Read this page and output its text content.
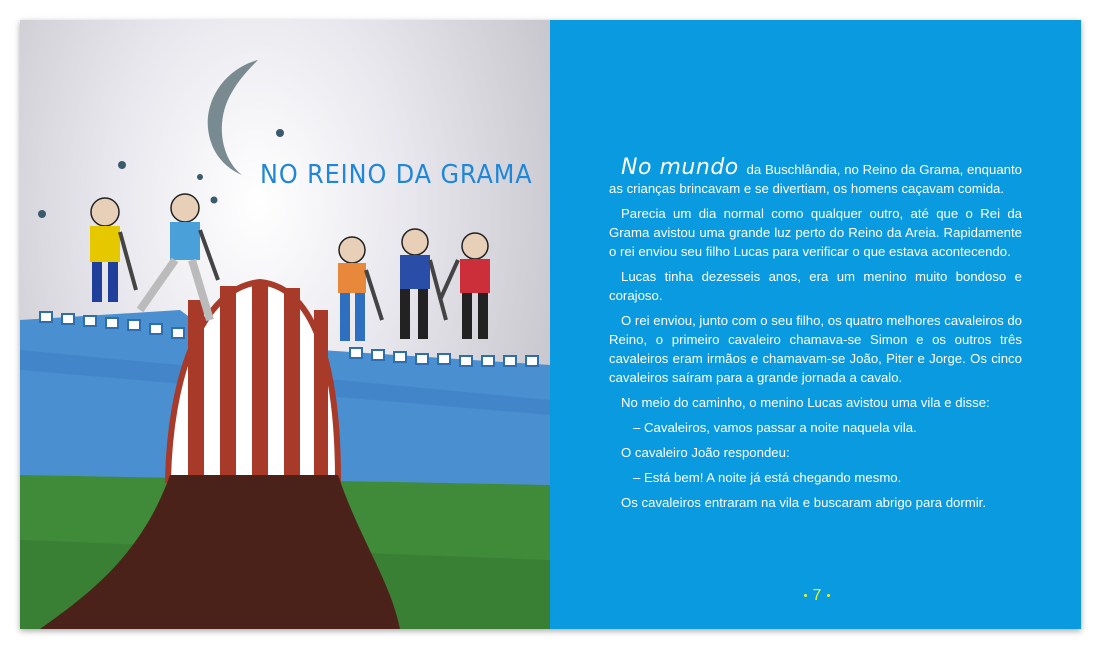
NO REINO DA GRAMA	No mundo da Buschlândia, no Reino da Grama, enquanto as crianças brincavam e se divertiam, os homens caçavam comida.

Parecia um dia normal como qualquer outro, até que o Rei da Grama avistou uma grande luz perto do Reino da Areia. Rapidamente o rei enviou seu filho Lucas para verificar o que estava acontecendo.

Lucas tinha dezesseis anos, era um menino muito bondoso e corajoso.

O rei enviou, junto com o seu filho, os quatro melhores cavaleiros do Reino, o primeiro cavaleiro chamava-se Simon e os outros três cavaleiros eram irmãos e chamavam-se João, Piter e Jorge. Os cinco cavaleiros saíram para a grande jornada a cavalo.

No meio do caminho, o menino Lucas avistou uma vila e disse:

– Cavaleiros, vamos passar a noite naquela vila.

O cavaleiro João respondeu:

– Está bem! A noite já está chegando mesmo.

Os cavaleiros entraram na vila e buscaram abrigo para dormir.

7
